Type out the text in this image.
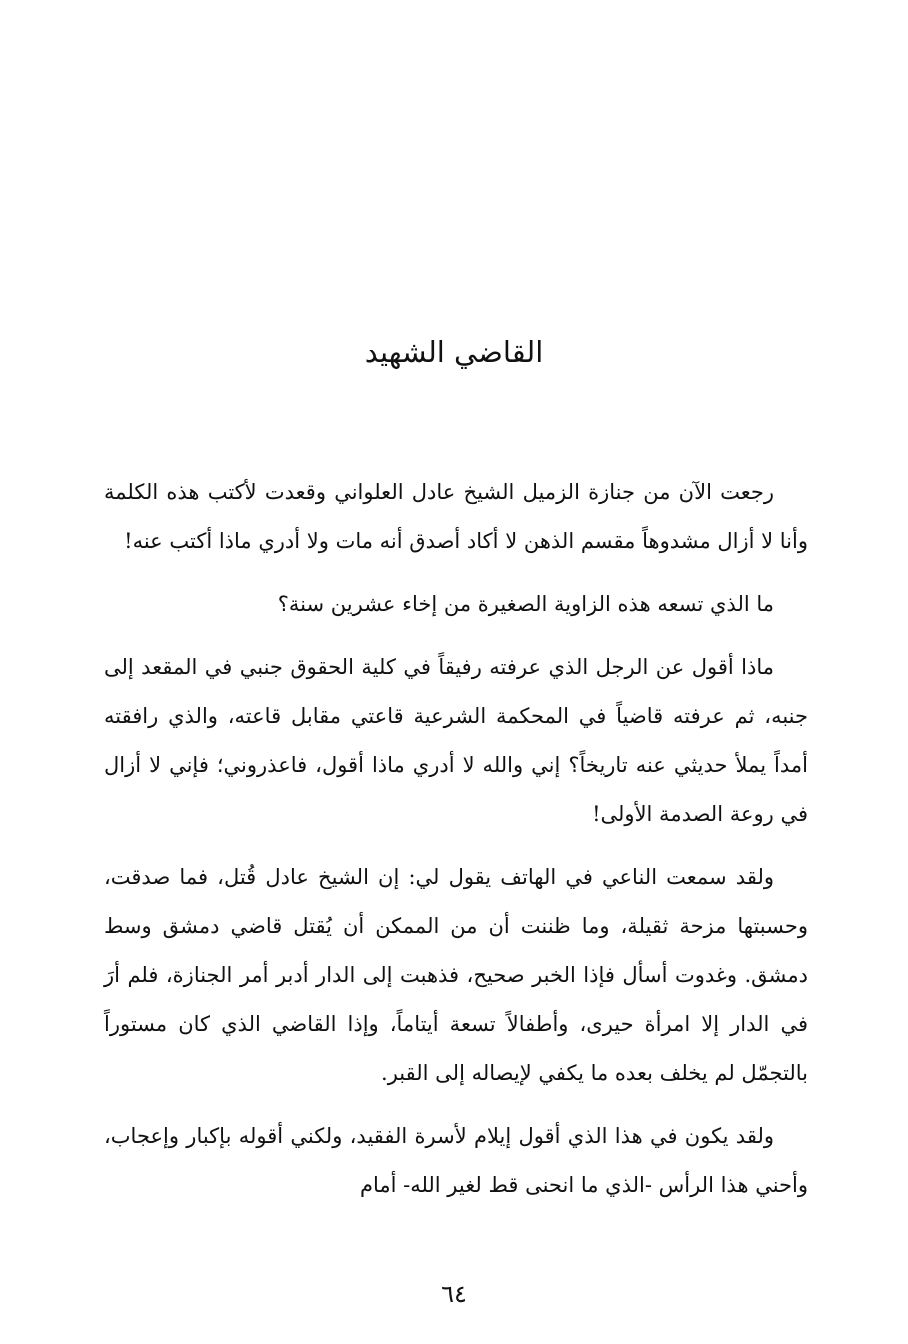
القاضي الشهيد

رجعت الآن من جنازة الزميل الشيخ عادل العلواني وقعدت لأكتب هذه الكلمة وأنا لا أزال مشدوهاً مقسم الذهن لا أكاد أصدق أنه مات ولا أدري ماذا أكتب عنه!

ما الذي تسعه هذه الزاوية الصغيرة من إخاء عشرين سنة؟

ماذا أقول عن الرجل الذي عرفته رفيقاً في كلية الحقوق جنبي في المقعد إلى جنبه، ثم عرفته قاضياً في المحكمة الشرعية قاعتي مقابل قاعته، والذي رافقته أمداً يملأ حديثي عنه تاريخاً؟ إني والله لا أدري ماذا أقول، فاعذروني؛ فإني لا أزال في روعة الصدمة الأولى!

ولقد سمعت الناعي في الهاتف يقول لي: إن الشيخ عادل قُتل، فما صدقت، وحسبتها مزحة ثقيلة، وما ظننت أن من الممكن أن يُقتل قاضي دمشق وسط دمشق. وغدوت أسأل فإذا الخبر صحيح، فذهبت إلى الدار أدبر أمر الجنازة، فلم أرَ في الدار إلا امرأة حيرى، وأطفالاً تسعة أيتاماً، وإذا القاضي الذي كان مستوراً بالتجمّل لم يخلف بعده ما يكفي لإيصاله إلى القبر.

ولقد يكون في هذا الذي أقول إيلام لأسرة الفقيد، ولكني أقوله بإكبار وإعجاب، وأحني هذا الرأس -الذي ما انحنى قط لغير الله- أمام

٦٤
